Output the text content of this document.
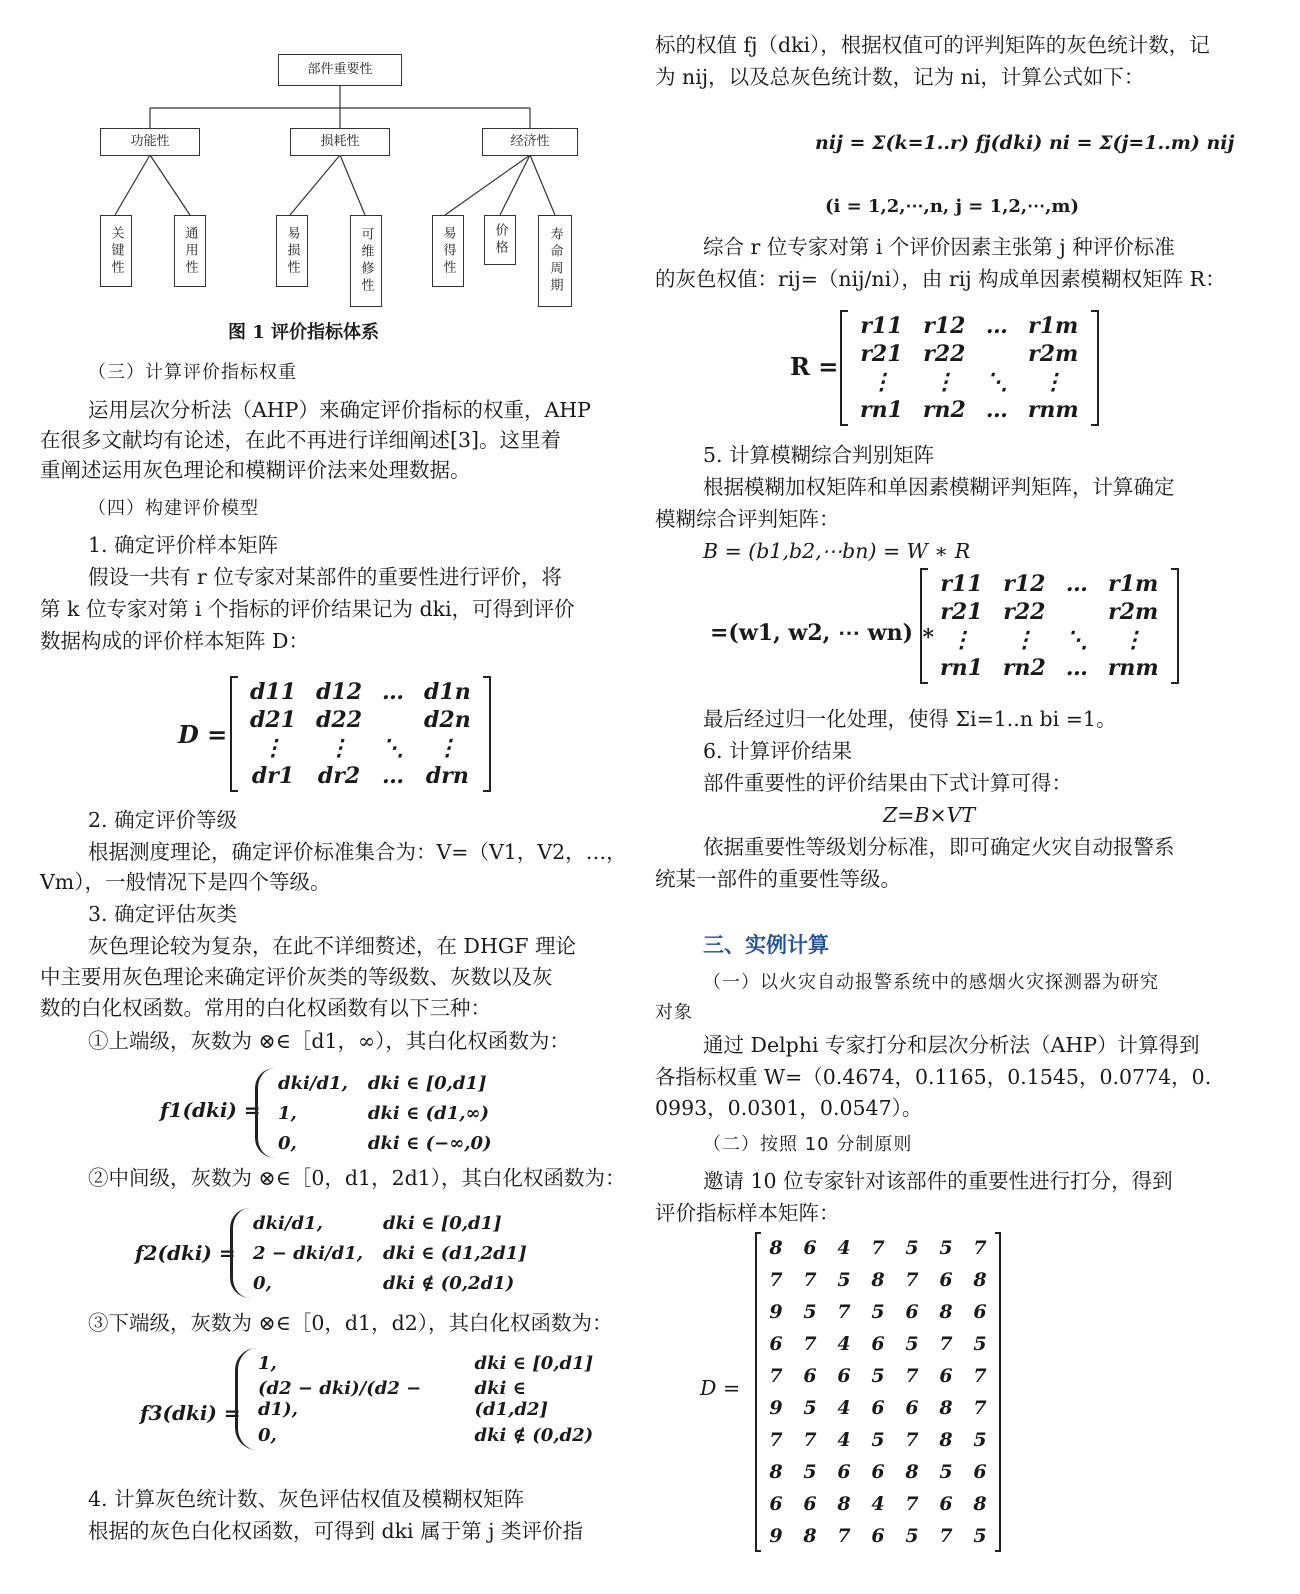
部件重要性
功能性	损耗性	经济性
关键性	通用性	易损性	可维修性	易得性	价格	寿命周期
图 1 评价指标体系
（三）计算评价指标权重
运用层次分析法（AHP）来确定评价指标的权重，AHP
在很多文献均有论述，在此不再进行详细阐述[3]。这里着
重阐述运用灰色理论和模糊评价法来处理数据。
（四）构建评价模型
1. 确定评价样本矩阵
假设一共有 r 位专家对某部件的重要性进行评价，将
第 k 位专家对第 i 个指标的评价结果记为 dki，可得到评价
数据构成的评价样本矩阵 D：
D =
d11	d12	…	d1n
d21	d22		d2n
⋮	⋮	⋱	⋮
dr1	dr2	…	drn
2. 确定评价等级
根据测度理论，确定评价标准集合为：V=（V1，V2，…，
Vm），一般情况下是四个等级。
3. 确定评估灰类
灰色理论较为复杂，在此不详细赘述，在 DHGF 理论
中主要用灰色理论来确定评价灰类的等级数、灰数以及灰
数的白化权函数。常用的白化权函数有以下三种：
①上端级，灰数为 ⊗∈［d1，∞），其白化权函数为：
f1(dki) =
dki/d1,	dki ∈ [0,d1]
1,	dki ∈ (d1,∞)
0,	dki ∈ (−∞,0)
②中间级，灰数为 ⊗∈［0，d1，2d1），其白化权函数为：
f2(dki) =
dki/d1,	dki ∈ [0,d1]
2 − dki/d1,	dki ∈ (d1,2d1]
0,	dki ∉ (0,2d1)
③下端级，灰数为 ⊗∈［0，d1，d2），其白化权函数为：
f3(dki) =
1,	dki ∈ [0,d1]
(d2 − dki)/(d2 − d1),	dki ∈ (d1,d2]
0,	dki ∉ (0,d2)
4. 计算灰色统计数、灰色评估权值及模糊权矩阵
根据的灰色白化权函数，可得到 dki 属于第 j 类评价指
标的权值 fj（dki），根据权值可的评判矩阵的灰色统计数，记
为 nij，以及总灰色统计数，记为 ni，计算公式如下：
nij = Σ(k=1..r) fj(dki) ni = Σ(j=1..m) nij
(i = 1,2,⋯,n, j = 1,2,⋯,m)
综合 r 位专家对第 i 个评价因素主张第 j 种评价标准
的灰色权值：rij=（nij/ni），由 rij 构成单因素模糊权矩阵 R：
R =
r11	r12	…	r1m
r21	r22		r2m
⋮	⋮	⋱	⋮
rn1	rn2	…	rnm
5. 计算模糊综合判别矩阵
根据模糊加权矩阵和单因素模糊评判矩阵，计算确定
模糊综合评判矩阵：
B = (b1,b2,⋯bn) = W ∗ R
=(w1, w2, ⋯ wn) ∗
r11	r12	…	r1m
r21	r22		r2m
⋮	⋮	⋱	⋮
rn1	rn2	…	rnm
最后经过归一化处理，使得 Σi=1..n bi =1。
6. 计算评价结果
部件重要性的评价结果由下式计算可得：
Z=B×VT
依据重要性等级划分标准，即可确定火灾自动报警系
统某一部件的重要性等级。
三、实例计算
（一）以火灾自动报警系统中的感烟火灾探测器为研究
对象
通过 Delphi 专家打分和层次分析法（AHP）计算得到
各指标权重 W=（0.4674，0.1165，0.1545，0.0774，0.
0993，0.0301，0.0547）。
（二）按照 10 分制原则
邀请 10 位专家针对该部件的重要性进行打分，得到
评价指标样本矩阵：
D =
8	6	4	7	5	5	7
7	7	5	8	7	6	8
9	5	7	5	6	8	6
6	7	4	6	5	7	5
7	6	6	5	7	6	7
9	5	4	6	6	8	7
7	7	4	5	7	8	5
8	5	6	6	8	5	6
6	6	8	4	7	6	8
9	8	7	6	5	7	5
